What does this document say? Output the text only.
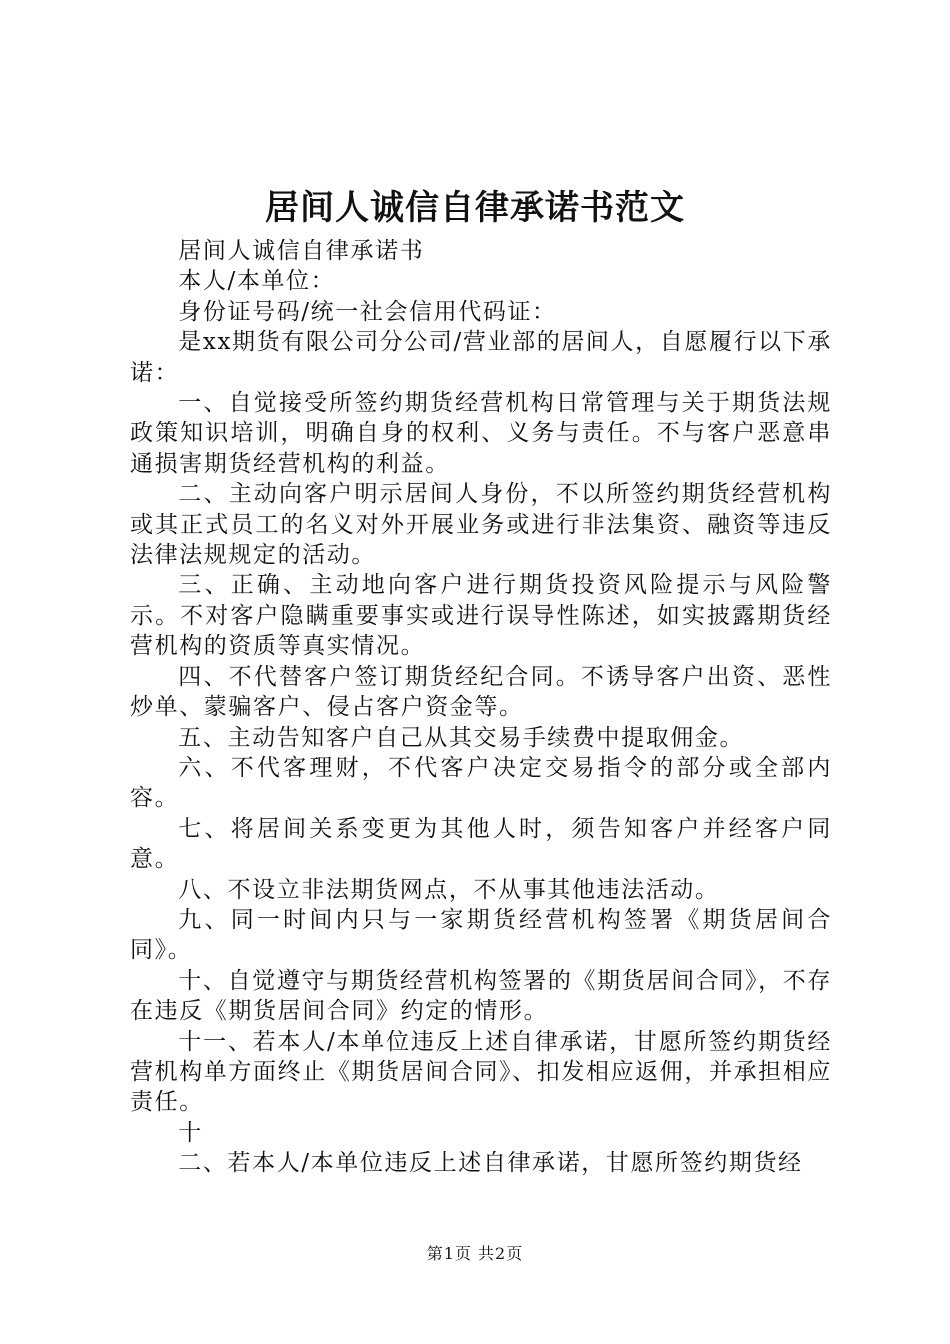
居间人诚信自律承诺书范文

居间人诚信自律承诺书

本人/本单位：

身份证号码/统一社会信用代码证：

是xx期货有限公司分公司/营业部的居间人，自愿履行以下承诺：

一、自觉接受所签约期货经营机构日常管理与关于期货法规政策知识培训，明确自身的权利、义务与责任。不与客户恶意串通损害期货经营机构的利益。

二、主动向客户明示居间人身份，不以所签约期货经营机构或其正式员工的名义对外开展业务或进行非法集资、融资等违反法律法规规定的活动。

三、正确、主动地向客户进行期货投资风险提示与风险警示。不对客户隐瞒重要事实或进行误导性陈述，如实披露期货经营机构的资质等真实情况。

四、不代替客户签订期货经纪合同。不诱导客户出资、恶性炒单、蒙骗客户、侵占客户资金等。

五、主动告知客户自己从其交易手续费中提取佣金。

六、不代客理财，不代客户决定交易指令的部分或全部内容。

七、将居间关系变更为其他人时，须告知客户并经客户同意。

八、不设立非法期货网点，不从事其他违法活动。

九、同一时间内只与一家期货经营机构签署《期货居间合同》。

十、自觉遵守与期货经营机构签署的《期货居间合同》，不存在违反《期货居间合同》约定的情形。

十一、若本人/本单位违反上述自律承诺，甘愿所签约期货经营机构单方面终止《期货居间合同》、扣发相应返佣，并承担相应责任。

十

二、若本人/本单位违反上述自律承诺，甘愿所签约期货经

第1页 共2页
